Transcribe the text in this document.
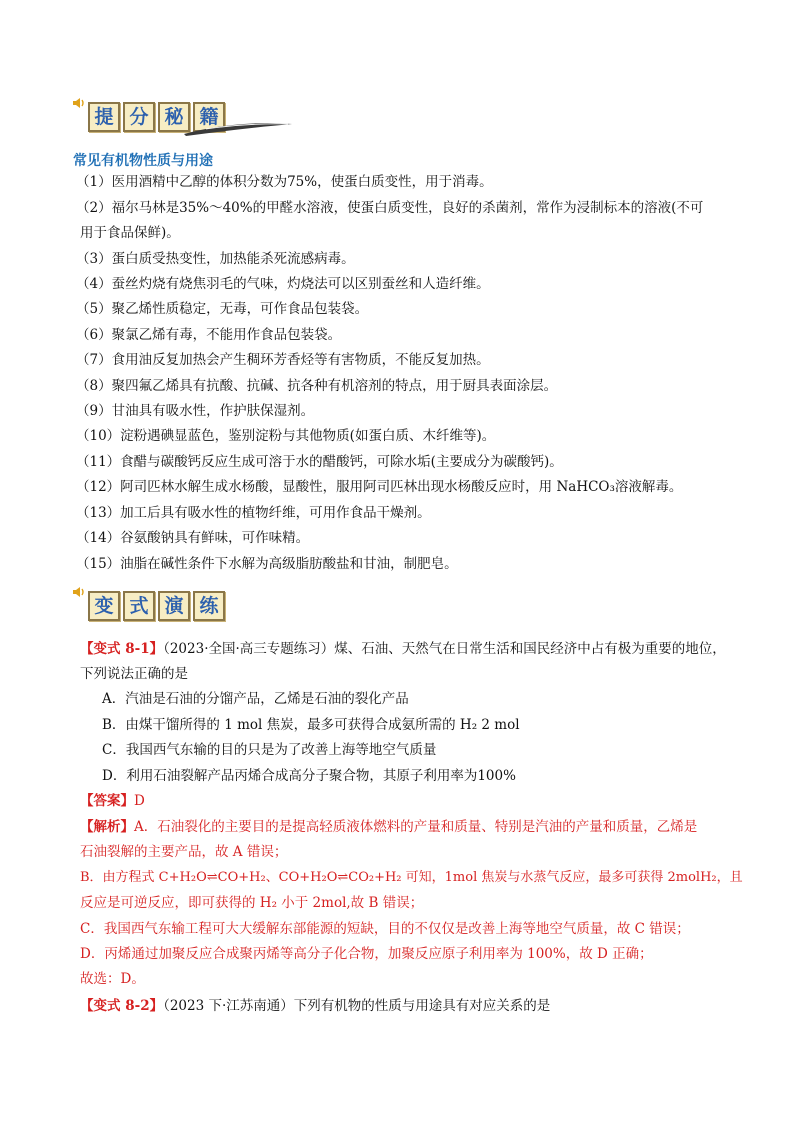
提 分 秘 籍
常见有机物性质与用途
（1）医用酒精中乙醇的体积分数为75%，使蛋白质变性，用于消毒。
（2）福尔马林是35%～40%的甲醛水溶液，使蛋白质变性，良好的杀菌剂，常作为浸制标本的溶液(不可
用于食品保鲜)。
（3）蛋白质受热变性，加热能杀死流感病毒。
（4）蚕丝灼烧有烧焦羽毛的气味，灼烧法可以区别蚕丝和人造纤维。
（5）聚乙烯性质稳定，无毒，可作食品包装袋。
（6）聚氯乙烯有毒，不能用作食品包装袋。
（7）食用油反复加热会产生稠环芳香烃等有害物质，不能反复加热。
（8）聚四氟乙烯具有抗酸、抗碱、抗各种有机溶剂的特点，用于厨具表面涂层。
（9）甘油具有吸水性，作护肤保湿剂。
（10）淀粉遇碘显蓝色，鉴别淀粉与其他物质(如蛋白质、木纤维等)。
（11）食醋与碳酸钙反应生成可溶于水的醋酸钙，可除水垢(主要成分为碳酸钙)。
（12）阿司匹林水解生成水杨酸，显酸性，服用阿司匹林出现水杨酸反应时，用 NaHCO₃溶液解毒。
（13）加工后具有吸水性的植物纤维，可用作食品干燥剂。
（14）谷氨酸钠具有鲜味，可作味精。
（15）油脂在碱性条件下水解为高级脂肪酸盐和甘油，制肥皂。
变 式 演 练
【变式 8-1】（2023·全国·高三专题练习）煤、石油、天然气在日常生活和国民经济中占有极为重要的地位，
下列说法正确的是
A．汽油是石油的分馏产品，乙烯是石油的裂化产品
B．由煤干馏所得的 1 mol 焦炭，最多可获得合成氨所需的 H₂ 2 mol
C．我国西气东输的目的只是为了改善上海等地空气质量
D．利用石油裂解产品丙烯合成高分子聚合物，其原子利用率为100%
【答案】D
【解析】A．石油裂化的主要目的是提高轻质液体燃料的产量和质量、特别是汽油的产量和质量，乙烯是
石油裂解的主要产品，故 A 错误；
B．由方程式 C+H₂O⇌CO+H₂、CO+H₂O⇌CO₂+H₂ 可知，1mol 焦炭与水蒸气反应，最多可获得 2molH₂，且
反应是可逆反应，即可获得的 H₂ 小于 2mol,故 B 错误；
C．我国西气东输工程可大大缓解东部能源的短缺，目的不仅仅是改善上海等地空气质量，故 C 错误；
D．丙烯通过加聚反应合成聚丙烯等高分子化合物，加聚反应原子利用率为 100%，故 D 正确；
故选：D。
【变式 8-2】（2023 下·江苏南通）下列有机物的性质与用途具有对应关系的是
